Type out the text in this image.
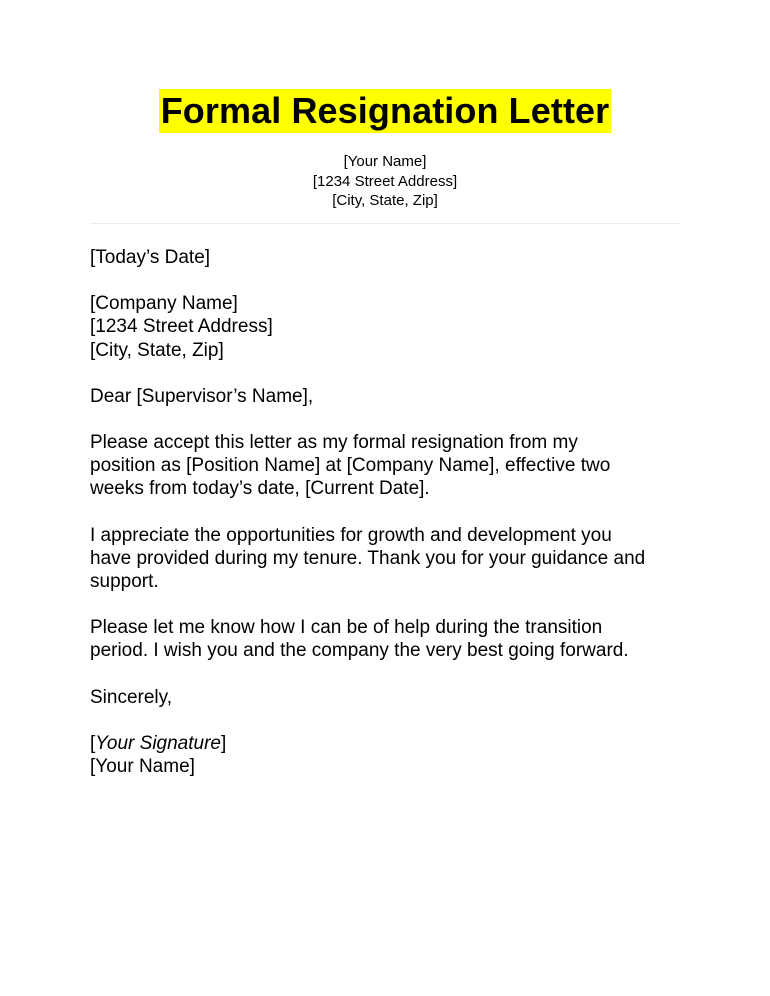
Formal Resignation Letter
[Your Name]
[1234 Street Address]
[City, State, Zip]

[Today’s Date]

[Company Name]
[1234 Street Address]
[City, State, Zip]

Dear [Supervisor’s Name],

Please accept this letter as my formal resignation from my
position as [Position Name] at [Company Name], effective two
weeks from today’s date, [Current Date].

I appreciate the opportunities for growth and development you
have provided during my tenure. Thank you for your guidance and
support.

Please let me know how I can be of help during the transition
period. I wish you and the company the very best going forward.

Sincerely,

[Your Signature]
[Your Name]
